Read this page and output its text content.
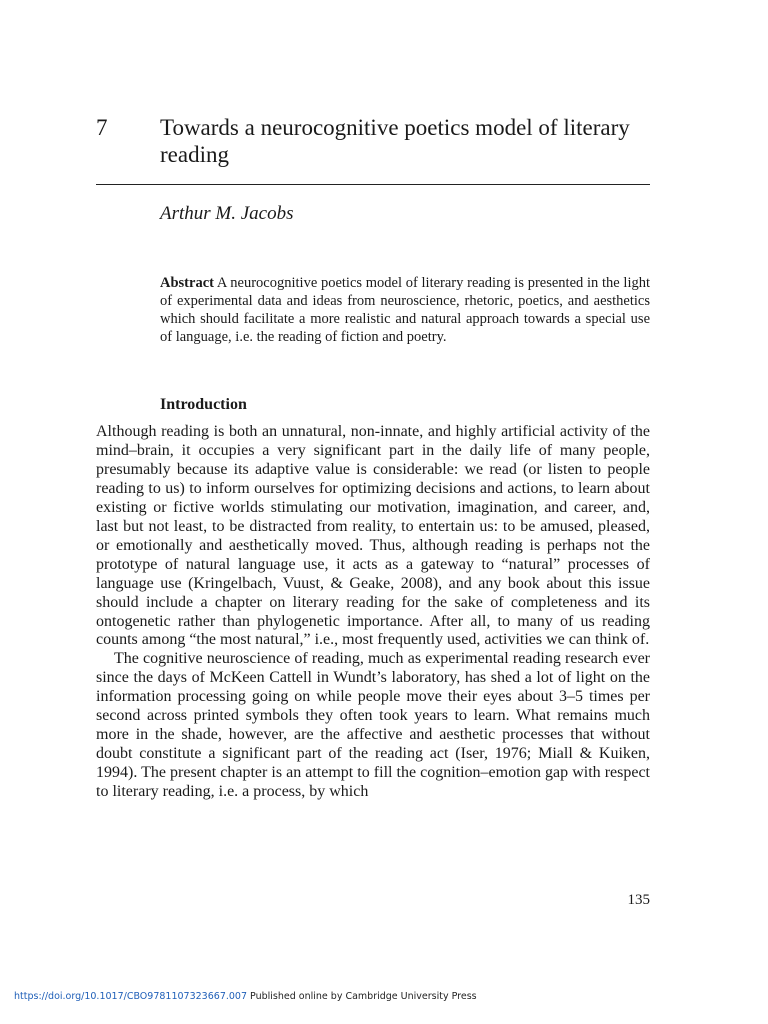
7 Towards a neurocognitive poetics model of literary reading
Arthur M. Jacobs
Abstract A neurocognitive poetics model of literary reading is presented in the light of experimental data and ideas from neuroscience, rhetoric, poetics, and aesthetics which should facilitate a more realistic and natural approach towards a special use of language, i.e. the reading of fiction and poetry.
Introduction

Although reading is both an unnatural, non-innate, and highly artificial activity of the mind–brain, it occupies a very significant part in the daily life of many people, presumably because its adaptive value is considerable: we read (or listen to people reading to us) to inform ourselves for optimizing decisions and actions, to learn about existing or fictive worlds stimulating our motivation, imagination, and career, and, last but not least, to be distracted from reality, to entertain us: to be amused, pleased, or emotionally and aesthetically moved. Thus, although reading is perhaps not the prototype of natural language use, it acts as a gateway to “natural” processes of language use (Kringelbach, Vuust, & Geake, 2008), and any book about this issue should include a chapter on literary reading for the sake of completeness and its ontogenetic rather than phylogenetic importance. After all, to many of us reading counts among “the most natural,” i.e., most frequently used, activities we can think of.

The cognitive neuroscience of reading, much as experimental reading research ever since the days of McKeen Cattell in Wundt’s laboratory, has shed a lot of light on the information processing going on while people move their eyes about 3–5 times per second across printed symbols they often took years to learn. What remains much more in the shade, however, are the affective and aesthetic processes that without doubt constitute a significant part of the reading act (Iser, 1976; Miall & Kuiken, 1994). The present chapter is an attempt to fill the cognition–emotion gap with respect to literary reading, i.e. a process, by which

135
https://doi.org/10.1017/CBO9781107323667.007 Published online by Cambridge University Press
